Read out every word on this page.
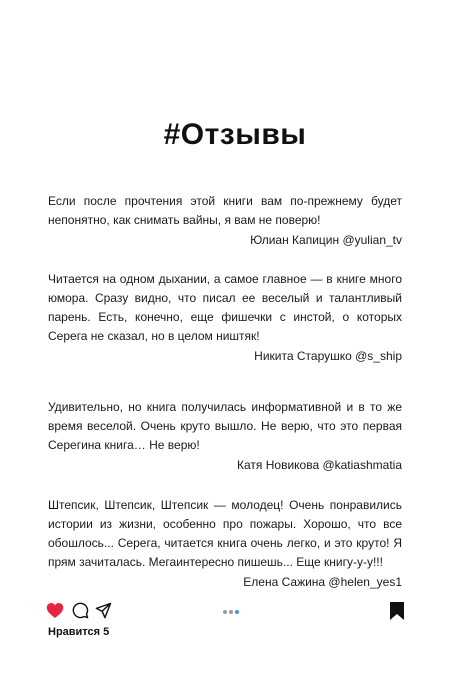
#Отзывы

Если после прочтения этой книги вам по-прежнему будет непонятно, как снимать вайны, я вам не поверю!

Юлиан Капицин @yulian_tv

Читается на одном дыхании, а самое главное — в книге много юмора. Сразу видно, что писал ее веселый и талантливый парень. Есть, конечно, еще фишечки с инстой, о которых Серега не сказал, но в целом ништяк!

Никита Старушко @s_ship

Удивительно, но книга получилась информативной и в то же время веселой. Очень круто вышло. Не верю, что это первая Серегина книга… Не верю!

Катя Новикова @katiashmatia

Штепсик, Штепсик, Штепсик — молодец! Очень понравились истории из жизни, особенно про пожары. Хорошо, что все обошлось... Серега, читается книга очень легко, и это круто! Я прям зачиталась. Мегаинтересно пишешь... Еще книгу-у-у!!!

Елена Сажина @helen_yes1
Нравится 5
